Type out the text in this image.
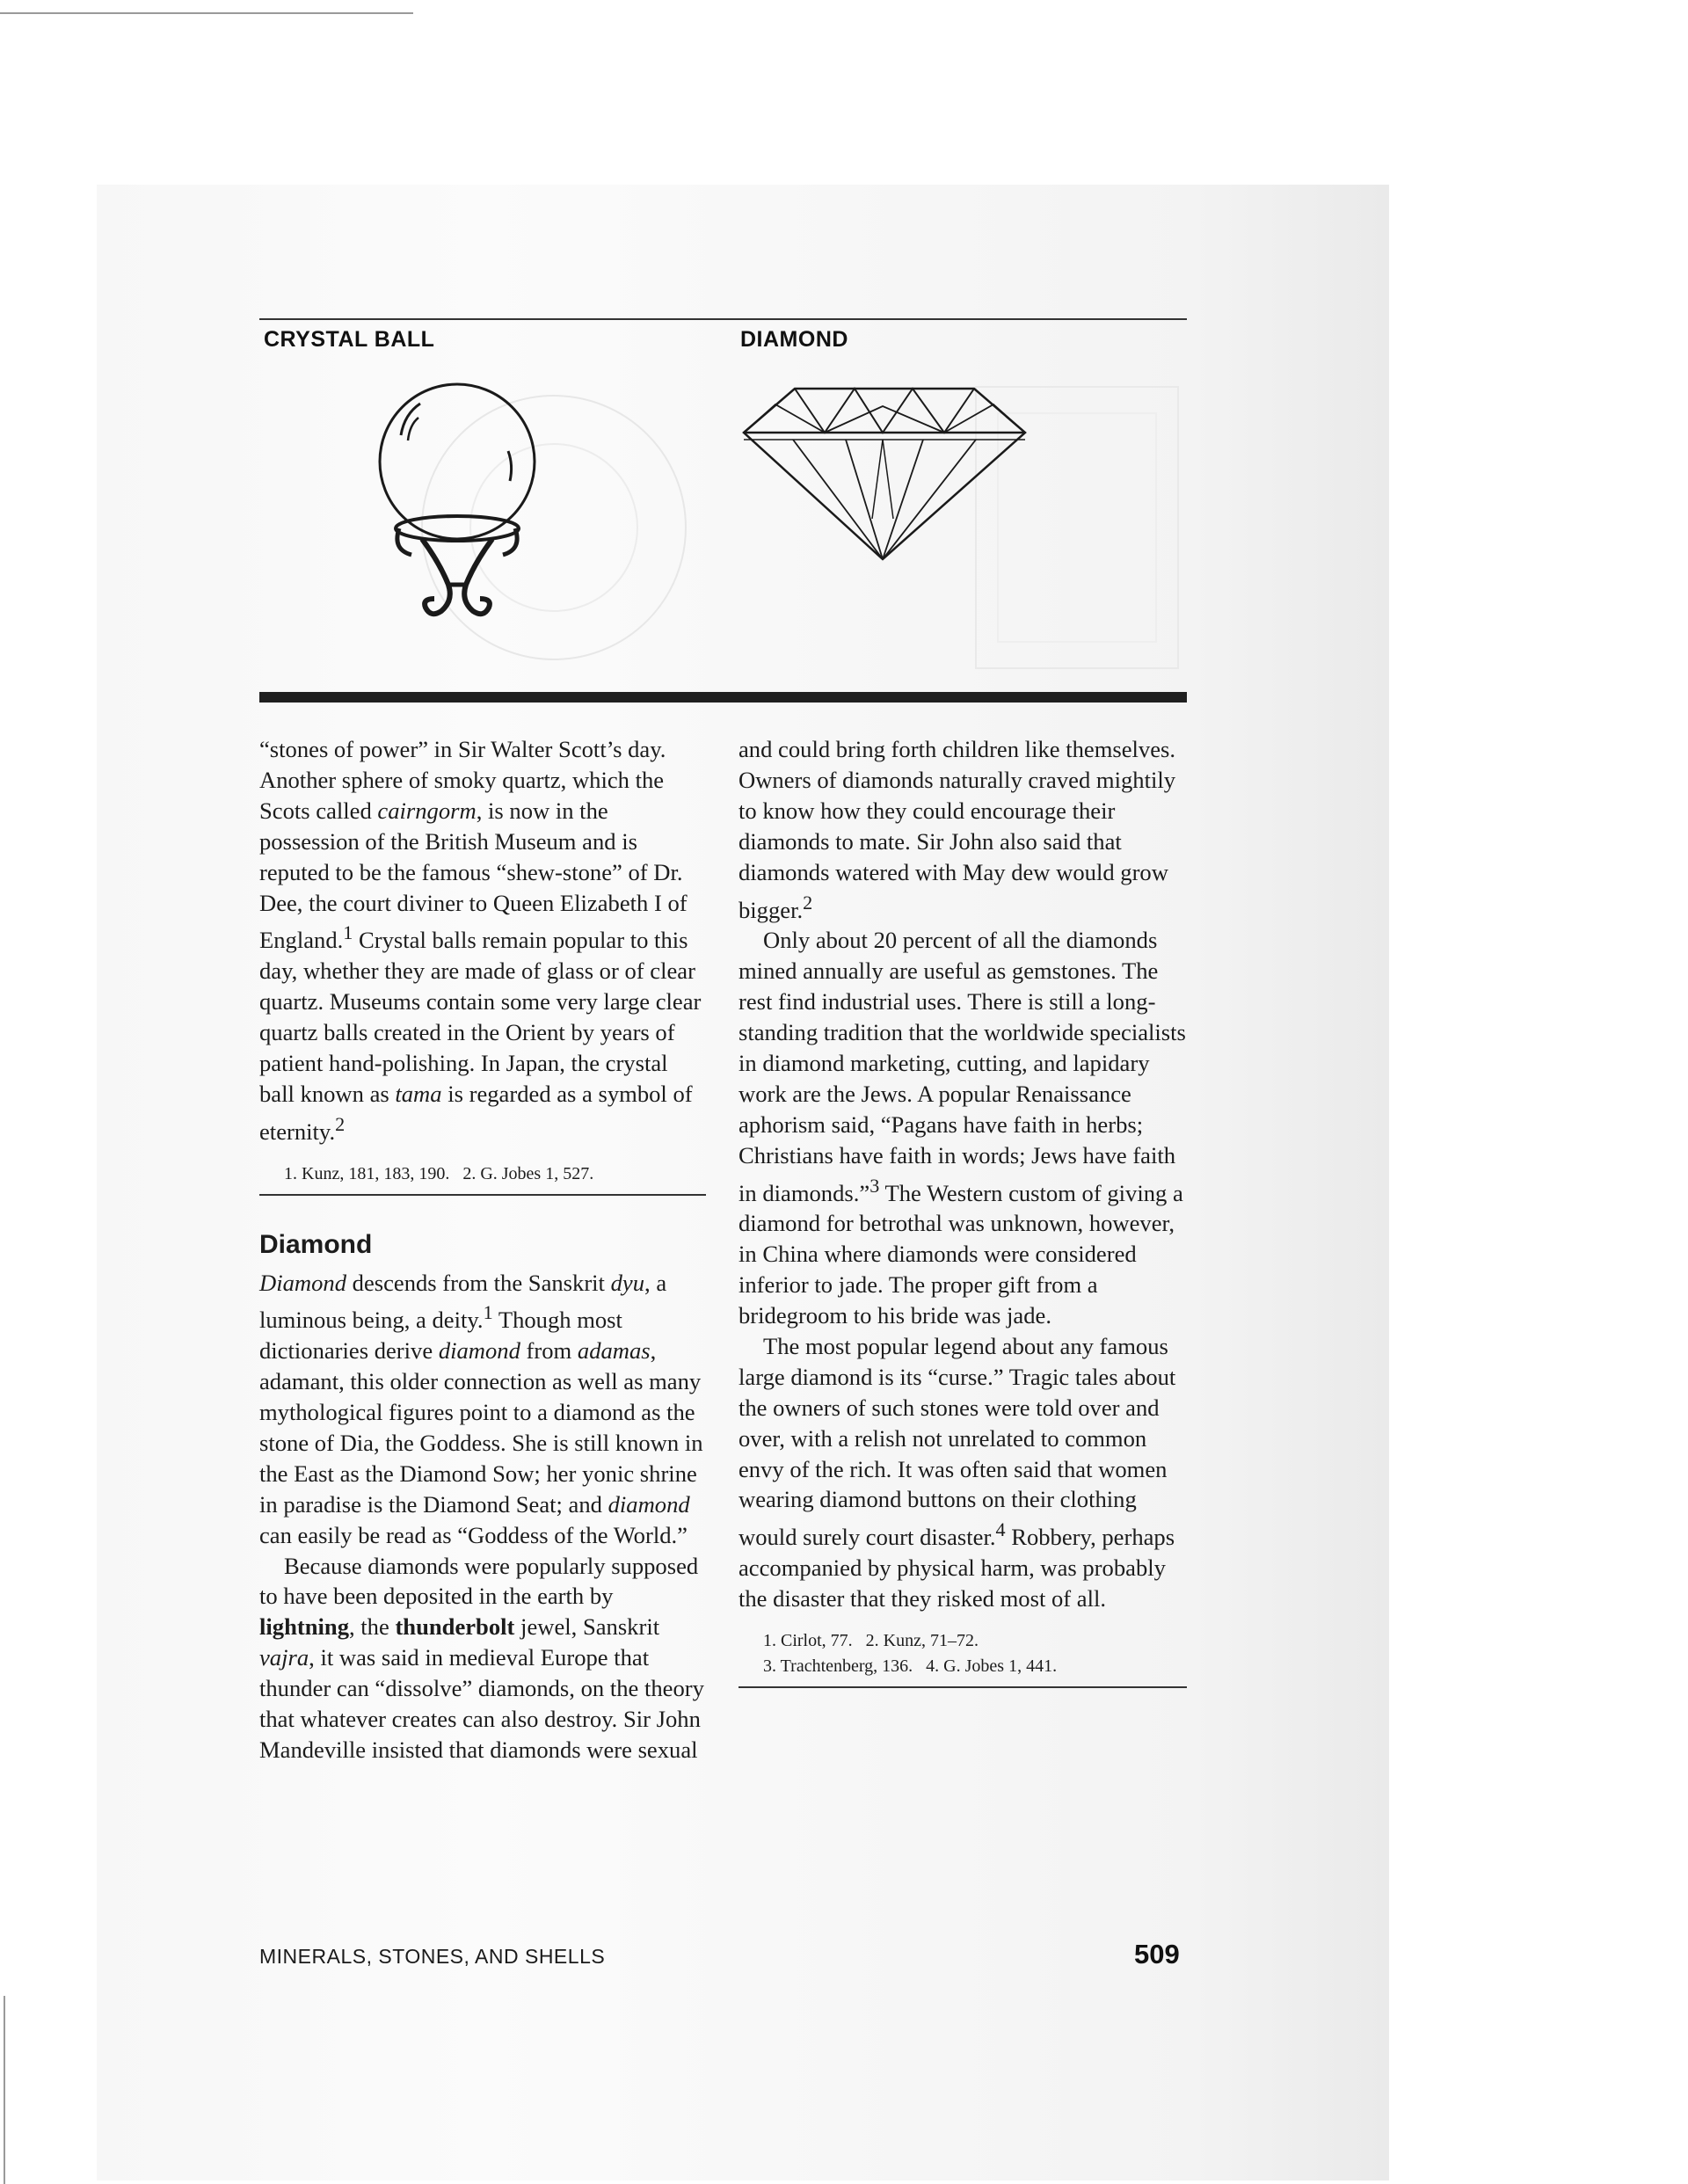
CRYSTAL BALL	DIAMOND

“stones of power” in Sir Walter Scott’s day. Another sphere of smoky quartz, which the Scots called cairngorm, is now in the possession of the British Museum and is reputed to be the famous “shew-stone” of Dr. Dee, the court diviner to Queen Elizabeth I of England.$^1$ Crystal balls remain popular to this day, whether they are made of glass or of clear quartz. Museums contain some very large clear quartz balls created in the Orient by years of patient hand-polishing. In Japan, the crystal ball known as tama is regarded as a symbol of eternity.$^2$

1. Kunz, 181, 183, 190.   2. G. Jobes 1, 527.
Diamond

Diamond descends from the Sanskrit dyu, a luminous being, a deity.$^1$ Though most dictionaries derive diamond from adamas, adamant, this older connection as well as many mythological figures point to a diamond as the stone of Dia, the Goddess. She is still known in the East as the Diamond Sow; her yonic shrine in paradise is the Diamond Seat; and diamond can easily be read as “Goddess of the World.”

Because diamonds were popularly supposed to have been deposited in the earth by lightning, the thunderbolt jewel, Sanskrit vajra, it was said in medieval Europe that thunder can “dissolve” diamonds, on the theory that whatever creates can also destroy. Sir John Mandeville insisted that diamonds were sexual

and could bring forth children like themselves. Owners of diamonds naturally craved mightily to know how they could encourage their diamonds to mate. Sir John also said that diamonds watered with May dew would grow bigger.$^2$

Only about 20 percent of all the diamonds mined annually are useful as gemstones. The rest find industrial uses. There is still a long-standing tradition that the worldwide specialists in diamond marketing, cutting, and lapidary work are the Jews. A popular Renaissance aphorism said, “Pagans have faith in herbs; Christians have faith in words; Jews have faith in diamonds.”$^3$ The Western custom of giving a diamond for betrothal was unknown, however, in China where diamonds were considered inferior to jade. The proper gift from a bridegroom to his bride was jade.

The most popular legend about any famous large diamond is its “curse.” Tragic tales about the owners of such stones were told over and over, with a relish not unrelated to common envy of the rich. It was often said that women wearing diamond buttons on their clothing would surely court disaster.$^4$ Robbery, perhaps accompanied by physical harm, was probably the disaster that they risked most of all.

1. Cirlot, 77.   2. Kunz, 71–72.
3. Trachtenberg, 136.   4. G. Jobes 1, 441.
MINERALS, STONES, AND SHELLS	509
